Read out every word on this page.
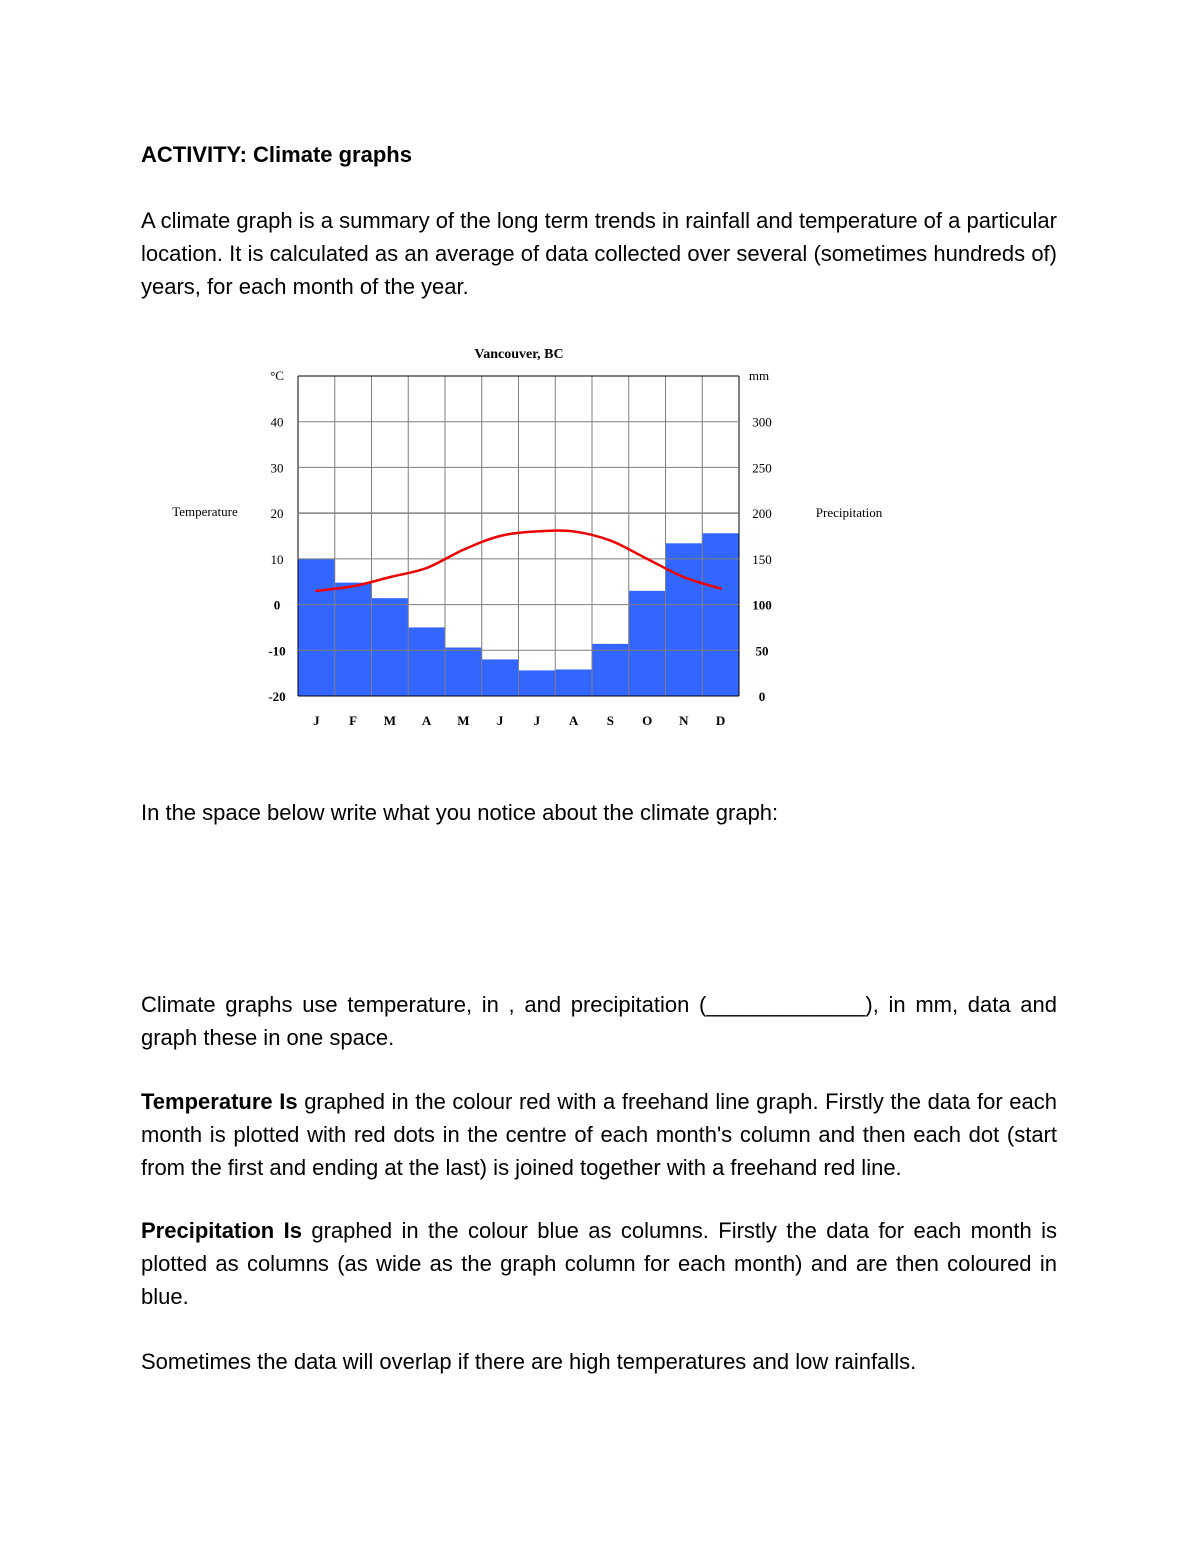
ACTIVITY: Climate graphs

A climate graph is a summary of the long term trends in rainfall and temperature of a particular location. It is calculated as an average of data collected over several (sometimes hundreds of) years, for each month of the year.

Vancouver, BC
°C	mm
Temperature	Precipitation
40
30
20
10
0
-10
-20
300
250
200
150
100
50
0
J F M A M J J A S O N D

In the space below write what you notice about the climate graph:

Climate graphs use temperature, in , and precipitation (_____________), in mm, data and graph these in one space.

Temperature Is graphed in the colour red with a freehand line graph. Firstly the data for each month is plotted with red dots in the centre of each month's column and then each dot (start from the first and ending at the last) is joined together with a freehand red line.

Precipitation Is graphed in the colour blue as columns. Firstly the data for each month is plotted as columns (as wide as the graph column for each month) and are then coloured in blue.

Sometimes the data will overlap if there are high temperatures and low rainfalls.
